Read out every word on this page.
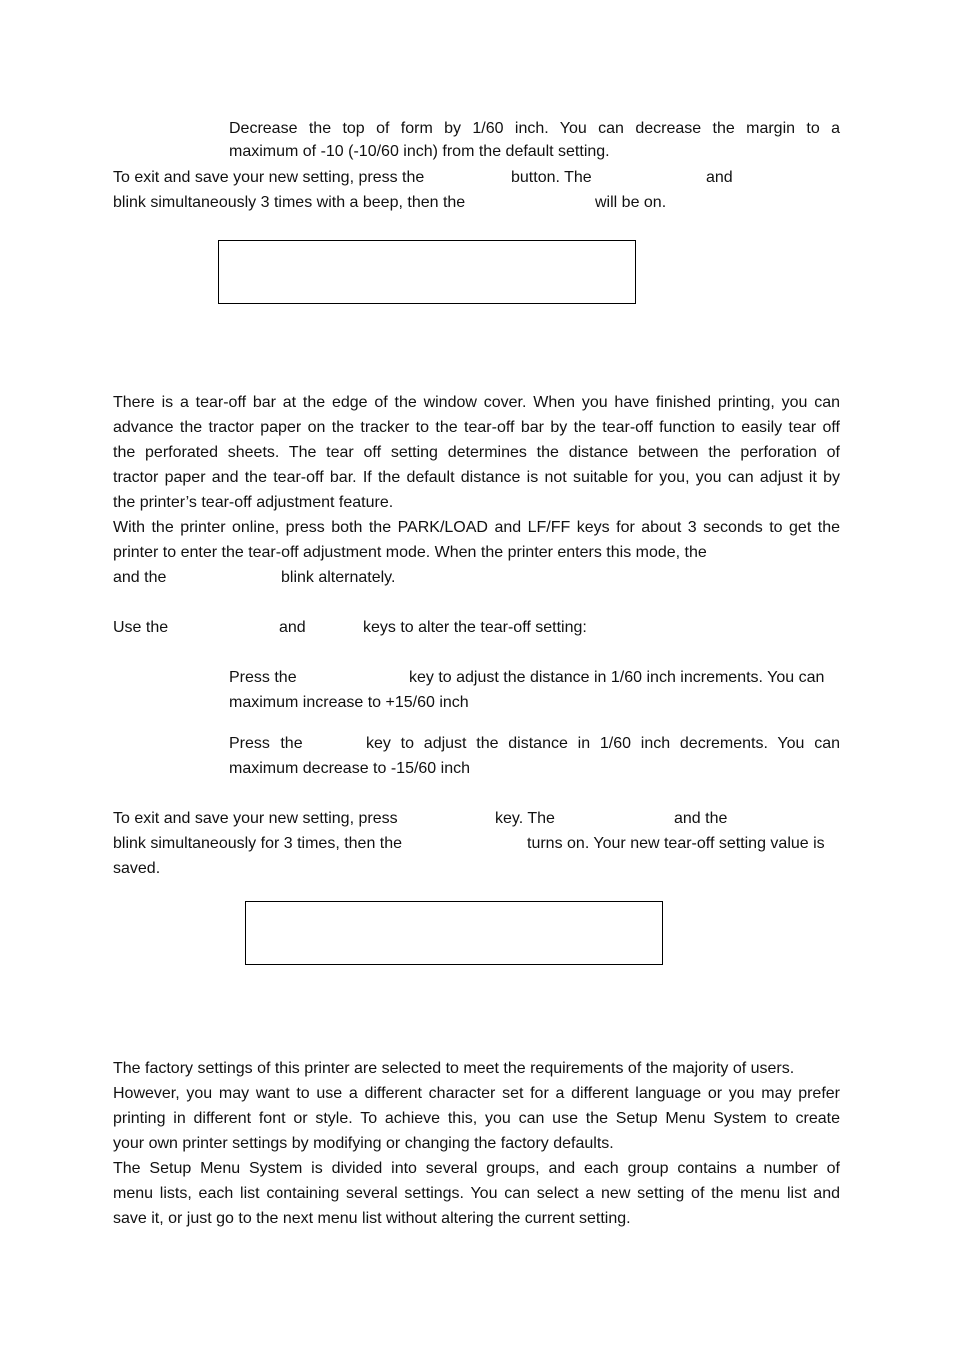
Decrease the top of form by 1/60 inch. You can decrease the margin to a
maximum of -10 (-10/60 inch) from the default setting.
To exit and save your new setting, press the	button. The	and
blink simultaneously 3 times with a beep, then the	will be on.
There is a tear-off bar at the edge of the window cover. When you have finished printing, you can
advance the tractor paper on the tracker to the tear-off bar by the tear-off function to easily tear off
the perforated sheets. The tear off setting determines the distance between the perforation of
tractor paper and the tear-off bar. If the default distance is not suitable for you, you can adjust it by
the printer’s tear-off adjustment feature.
With the printer online, press both the PARK/LOAD and LF/FF keys for about 3 seconds to get the
printer to enter the tear-off adjustment mode. When the printer enters this mode, the
and the	blink alternately.
Use the	and	keys to alter the tear-off setting:
Press the	key to adjust the distance in 1/60 inch increments. You can
maximum increase to +15/60 inch
Press the	key to adjust the distance in 1/60 inch decrements. You can
maximum decrease to -15/60 inch
To exit and save your new setting, press	key. The	and the
blink simultaneously for 3 times, then the	turns on. Your new tear-off setting value is
saved.
The factory settings of this printer are selected to meet the requirements of the majority of users.
However, you may want to use a different character set for a different language or you may prefer
printing in different font or style. To achieve this, you can use the Setup Menu System to create
your own printer settings by modifying or changing the factory defaults.
The Setup Menu System is divided into several groups, and each group contains a number of
menu lists, each list containing several settings. You can select a new setting of the menu list and
save it, or just go to the next menu list without altering the current setting.
